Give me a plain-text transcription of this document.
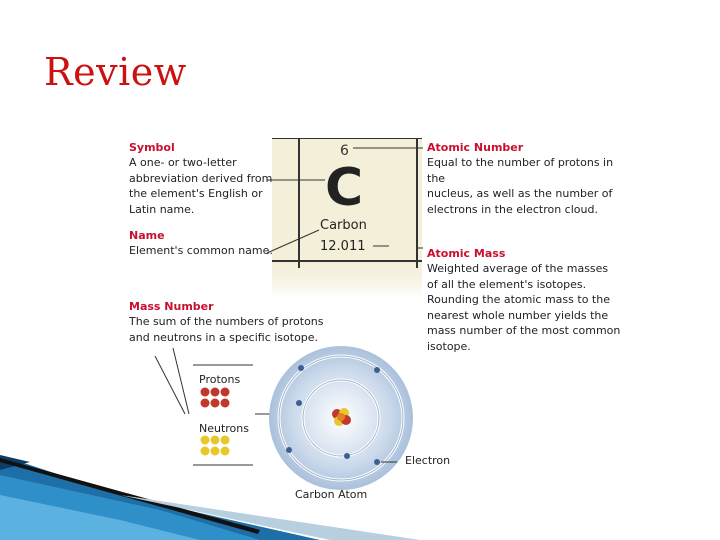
Review
6
C
Carbon
12.011
Symbol
A one- or two-letter
abbreviation derived from
the element's English or
Latin name.
Name
Element's common name.
Atomic Number
Equal to the number of protons in the
nucleus, as well as the number of
electrons in the electron cloud.
Atomic Mass
Weighted average of the masses
of all the element's isotopes.
Rounding the atomic mass to the
nearest whole number yields the
mass number of the most common
isotope.
Mass Number
The sum of the numbers of protons
and neutrons in a specific isotope.
Protons
Neutrons
Electron
Carbon Atom
